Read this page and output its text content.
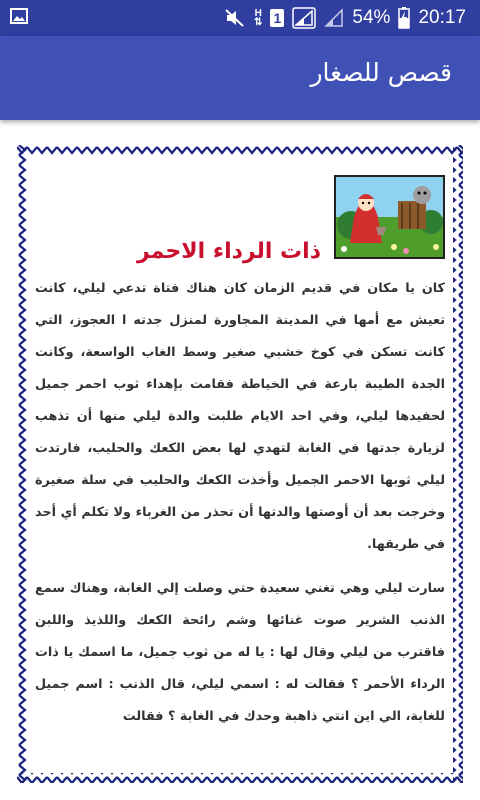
H
⇅ 1	54% 20:17
قصص للصغار
ذات الرداء الاحمر

كان يا مكان في قديم الزمان كان هناك فتاة تدعي ليلي، كانت تعيش مع أمها في المدينة المجاورة لمنزل جدته ا العجوز، التي كانت تسكن في كوخ خشبي صغير وسط الغاب الواسعة، وكانت الجدة الطيبة بارعة في الخياطة فقامت بإهداء ثوب احمر جميل لحفيدها ليلي، وفي احد الايام طلبت والدة ليلي منها أن تذهب لزيارة جدتها في الغابة لتهدي لها بعض الكعك والحليب، فارتدت ليلي ثوبها الاحمر الجميل وأخذت الكعك والحليب في سلة صغيرة وخرجت بعد أن أوصتها والدتها أن تحذر من الغرباء ولا تكلم أي أحد في طريقها.

سارت ليلي وهي تغني سعيدة حتي وصلت إلي الغابة، وهناك سمع الذنب الشرير صوت غنائها وشم رائحة الكعك واللذيذ واللبن فاقترب من ليلي وقال لها : يا له من ثوب جميل، ما اسمك يا ذات الرداء الأحمر ؟ فقالت له : اسمي ليلي، قال الذنب : اسم جميل للغابة، الي اين انتي ذاهبة وحدك في الغابة ؟ فقالت
